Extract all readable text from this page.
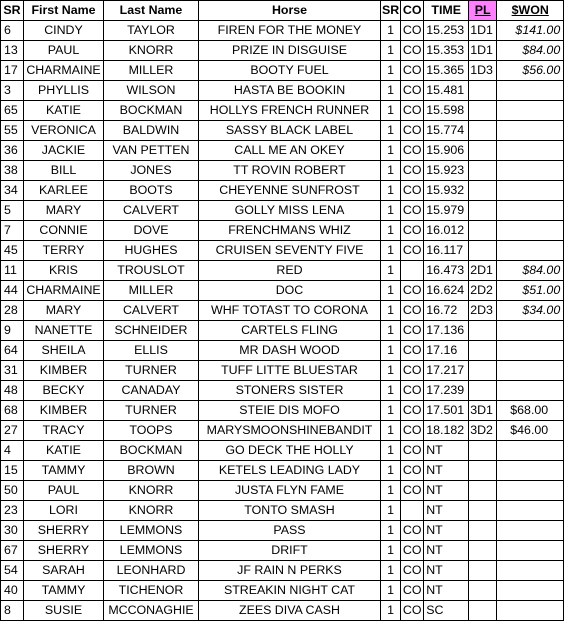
SR	First Name	Last Name	Horse	SR	CO	TIME	PL	$WON
6	CINDY	TAYLOR	FIREN FOR THE MONEY	1	CO	15.253	1D1	$141.00
13	PAUL	KNORR	PRIZE IN DISGUISE	1	CO	15.353	1D1	$84.00
17	CHARMAINE	MILLER	BOOTY FUEL	1	CO	15.365	1D3	$56.00
3	PHYLLIS	WILSON	HASTA BE BOOKIN	1	CO	15.481		
65	KATIE	BOCKMAN	HOLLYS FRENCH RUNNER	1	CO	15.598		
55	VERONICA	BALDWIN	SASSY BLACK LABEL	1	CO	15.774		
36	JACKIE	VAN PETTEN	CALL ME AN OKEY	1	CO	15.906		
38	BILL	JONES	TT ROVIN ROBERT	1	CO	15.923		
34	KARLEE	BOOTS	CHEYENNE SUNFROST	1	CO	15.932		
5	MARY	CALVERT	GOLLY MISS LENA	1	CO	15.979		
7	CONNIE	DOVE	FRENCHMANS WHIZ	1	CO	16.012		
45	TERRY	HUGHES	CRUISEN SEVENTY FIVE	1	CO	16.117		
11	KRIS	TROUSLOT	RED	1		16.473	2D1	$84.00
44	CHARMAINE	MILLER	DOC	1	CO	16.624	2D2	$51.00
28	MARY	CALVERT	WHF TOTAST TO CORONA	1	CO	16.72	2D3	$34.00
9	NANETTE	SCHNEIDER	CARTELS FLING	1	CO	17.136		
64	SHEILA	ELLIS	MR DASH WOOD	1	CO	17.16		
31	KIMBER	TURNER	TUFF LITTE BLUESTAR	1	CO	17.217		
48	BECKY	CANADAY	STONERS SISTER	1	CO	17.239		
68	KIMBER	TURNER	STEIE DIS MOFO	1	CO	17.501	3D1	$68.00
27	TRACY	TOOPS	MARYSMOONSHINEBANDIT	1	CO	18.182	3D2	$46.00
4	KATIE	BOCKMAN	GO DECK THE HOLLY	1	CO	NT		
15	TAMMY	BROWN	KETELS LEADING LADY	1	CO	NT		
50	PAUL	KNORR	JUSTA FLYN FAME	1	CO	NT		
23	LORI	KNORR	TONTO SMASH	1		NT		
30	SHERRY	LEMMONS	PASS	1	CO	NT		
67	SHERRY	LEMMONS	DRIFT	1	CO	NT		
54	SARAH	LEONHARD	JF RAIN N PERKS	1	CO	NT		
40	TAMMY	TICHENOR	STREAKIN NIGHT CAT	1	CO	NT		
8	SUSIE	MCCONAGHIE	ZEES DIVA CASH	1	CO	SC		
